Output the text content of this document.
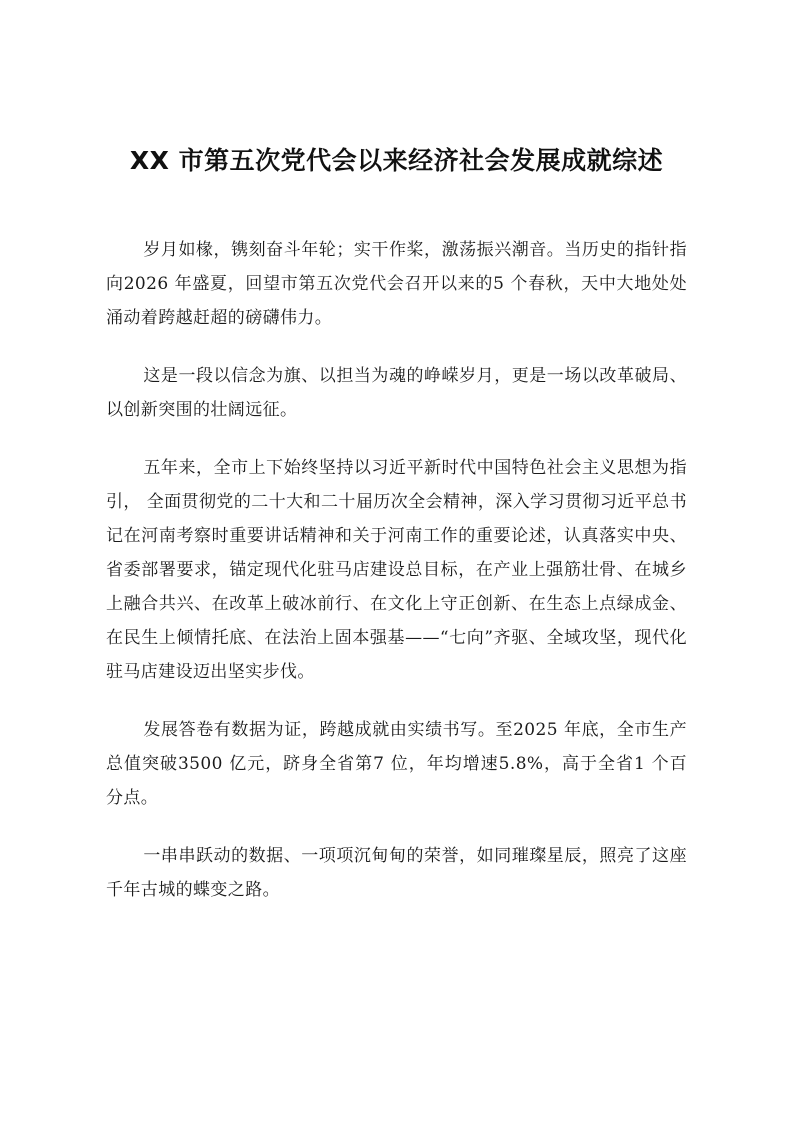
XX 市第五次党代会以来经济社会发展成就综述

岁月如椽，镌刻奋斗年轮；实干作桨，激荡振兴潮音。当历史的指针指向2026 年盛夏，回望市第五次党代会召开以来的5 个春秋，天中大地处处涌动着跨越赶超的磅礴伟力。

这是一段以信念为旗、以担当为魂的峥嵘岁月，更是一场以改革破局、以创新突围的壮阔远征。

五年来，全市上下始终坚持以习近平新时代中国特色社会主义思想为指引， 全面贯彻党的二十大和二十届历次全会精神，深入学习贯彻习近平总书记在河南考察时重要讲话精神和关于河南工作的重要论述，认真落实中央、省委部署要求，锚定现代化驻马店建设总目标，在产业上强筋壮骨、在城乡上融合共兴、在改革上破冰前行、在文化上守正创新、在生态上点绿成金、在民生上倾情托底、在法治上固本强基——“七向”齐驱、全域攻坚，现代化驻马店建设迈出坚实步伐。

发展答卷有数据为证，跨越成就由实绩书写。至2025 年底，全市生产总值突破3500 亿元，跻身全省第7 位，年均增速5.8%，高于全省1 个百分点。

一串串跃动的数据、一项项沉甸甸的荣誉，如同璀璨星辰，照亮了这座千年古城的蝶变之路。
